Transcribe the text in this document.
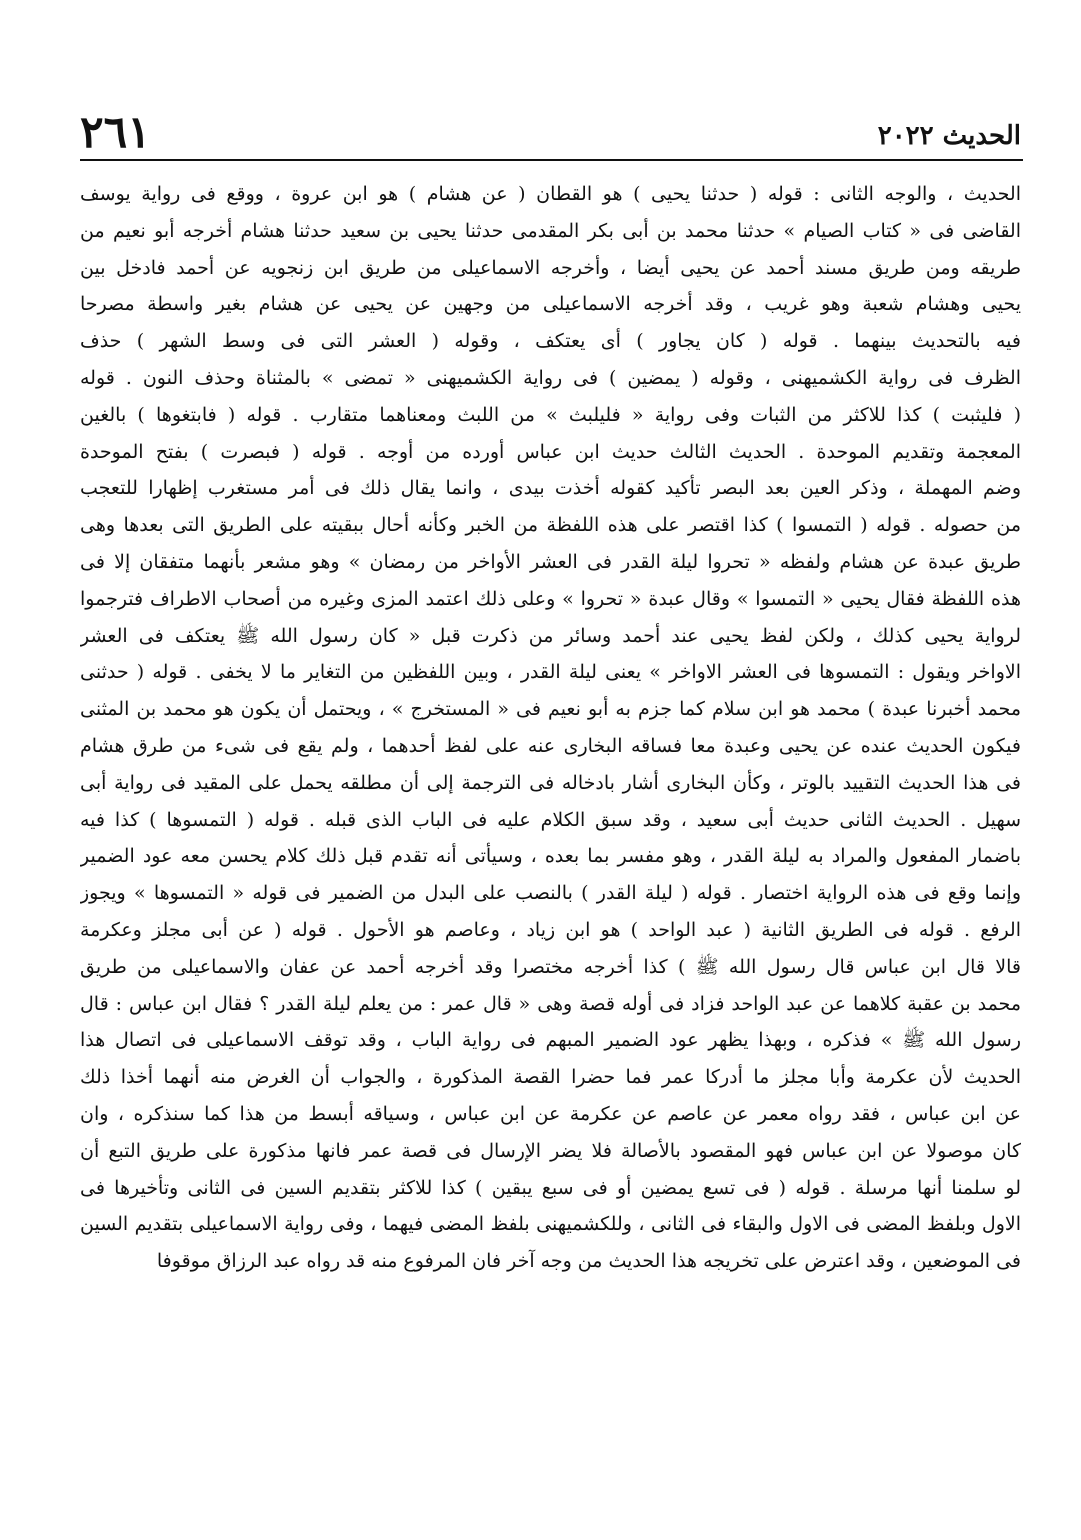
٢٦١	الحديث ٢٠٢٢
الحديث ، والوجه الثانى : قوله ( حدثنا يحيى ) هو القطان ( عن هشام ) هو ابن عروة ، ووقع فى رواية يوسف
القاضى فى « كتاب الصيام » حدثنا محمد بن أبى بكر المقدمى حدثنا يحيى بن سعيد حدثنا هشام أخرجه أبو نعيم من
طريقه ومن طريق مسند أحمد عن يحيى أيضا ، وأخرجه الاسماعيلى من طريق ابن زنجويه عن أحمد فادخل بين
يحيى وهشام شعبة وهو غريب ، وقد أخرجه الاسماعيلى من وجهين عن يحيى عن هشام بغير واسطة مصرحا
فيه بالتحديث بينهما . قوله ( كان يجاور ) أى يعتكف ، وقوله ( العشر التى فى وسط الشهر ) حذف
الظرف فى رواية الكشميهنى ، وقوله ( يمضين ) فى رواية الكشميهنى « تمضى » بالمثناة وحذف النون . قوله
( فليثبت ) كذا للاكثر من الثبات وفى رواية « فليلبث » من اللبث ومعناهما متقارب . قوله ( فابتغوها ) بالغين
المعجمة وتقديم الموحدة . الحديث الثالث حديث ابن عباس أورده من أوجه . قوله ( فبصرت ) بفتح الموحدة
وضم المهملة ، وذكر العين بعد البصر تأكيد كقوله أخذت بيدى ، وانما يقال ذلك فى أمر مستغرب إظهارا للتعجب
من حصوله . قوله ( التمسوا ) كذا اقتصر على هذه اللفظة من الخبر وكأنه أحال ببقيته على الطريق التى بعدها وهى
طريق عبدة عن هشام ولفظه « تحروا ليلة القدر فى العشر الأواخر من رمضان » وهو مشعر بأنهما متفقان إلا فى
هذه اللفظة فقال يحيى « التمسوا » وقال عبدة « تحروا » وعلى ذلك اعتمد المزى وغيره من أصحاب الاطراف فترجموا
لرواية يحيى كذلك ، ولكن لفظ يحيى عند أحمد وسائر من ذكرت قبل « كان رسول الله ﷺ يعتكف فى العشر
الاواخر ويقول : التمسوها فى العشر الاواخر » يعنى ليلة القدر ، وبين اللفظين من التغاير ما لا يخفى . قوله ( حدثنى
محمد أخبرنا عبدة ) محمد هو ابن سلام كما جزم به أبو نعيم فى « المستخرج » ، ويحتمل أن يكون هو محمد بن المثنى
فيكون الحديث عنده عن يحيى وعبدة معا فساقه البخارى عنه على لفظ أحدهما ، ولم يقع فى شىء من طرق هشام
فى هذا الحديث التقييد بالوتر ، وكأن البخارى أشار بادخاله فى الترجمة إلى أن مطلقه يحمل على المقيد فى رواية أبى
سهيل . الحديث الثانى حديث أبى سعيد ، وقد سبق الكلام عليه فى الباب الذى قبله . قوله ( التمسوها ) كذا فيه
باضمار المفعول والمراد به ليلة القدر ، وهو مفسر بما بعده ، وسيأتى أنه تقدم قبل ذلك كلام يحسن معه عود الضمير
وإنما وقع فى هذه الرواية اختصار . قوله ( ليلة القدر ) بالنصب على البدل من الضمير فى قوله « التمسوها » ويجوز
الرفع . قوله فى الطريق الثانية ( عبد الواحد ) هو ابن زياد ، وعاصم هو الأحول . قوله ( عن أبى مجلز وعكرمة
قالا قال ابن عباس قال رسول الله ﷺ ) كذا أخرجه مختصرا وقد أخرجه أحمد عن عفان والاسماعيلى من طريق
محمد بن عقبة كلاهما عن عبد الواحد فزاد فى أوله قصة وهى « قال عمر : من يعلم ليلة القدر ؟ فقال ابن عباس : قال
رسول الله ﷺ » فذكره ، وبهذا يظهر عود الضمير المبهم فى رواية الباب ، وقد توقف الاسماعيلى فى اتصال هذا
الحديث لأن عكرمة وأبا مجلز ما أدركا عمر فما حضرا القصة المذكورة ، والجواب أن الغرض منه أنهما أخذا ذلك
عن ابن عباس ، فقد رواه معمر عن عاصم عن عكرمة عن ابن عباس ، وسياقه أبسط من هذا كما سنذكره ، وان
كان موصولا عن ابن عباس فهو المقصود بالأصالة فلا يضر الإرسال فى قصة عمر فانها مذكورة على طريق التبع أن
لو سلمنا أنها مرسلة . قوله ( فى تسع يمضين أو فى سبع يبقين ) كذا للاكثر بتقديم السين فى الثانى وتأخيرها فى
الاول وبلفظ المضى فى الاول والبقاء فى الثانى ، وللكشميهنى بلفظ المضى فيهما ، وفى رواية الاسماعيلى بتقديم السين
فى الموضعين ، وقد اعترض على تخريجه هذا الحديث من وجه آخر فان المرفوع منه قد رواه عبد الرزاق موقوفا
